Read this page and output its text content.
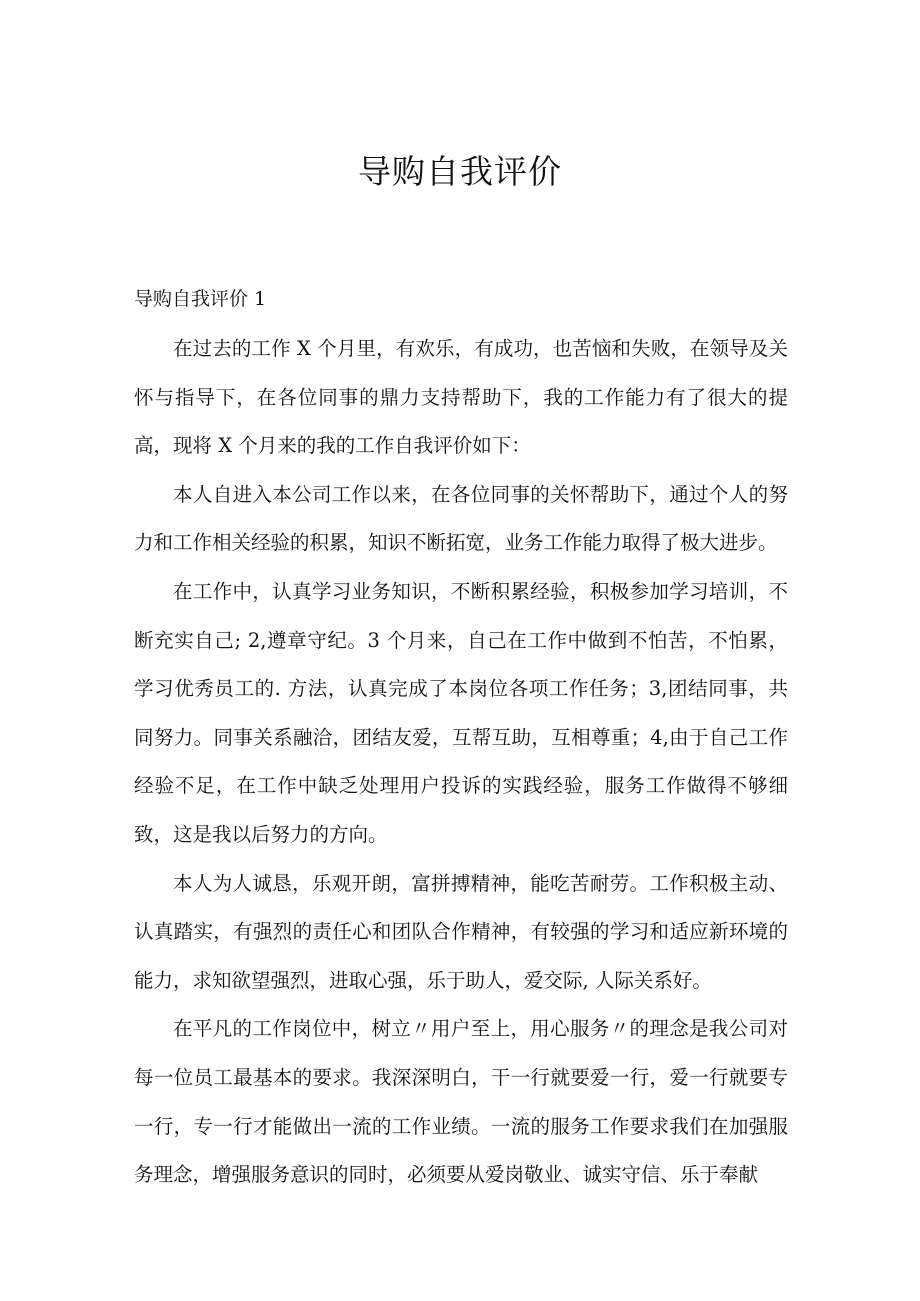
导购自我评价
导购自我评价 1

在过去的工作 X 个月里，有欢乐，有成功，也苦恼和失败，在领导及关怀与指导下，在各位同事的鼎力支持帮助下，我的工作能力有了很大的提高，现将 X 个月来的我的工作自我评价如下：

本人自进入本公司工作以来，在各位同事的关怀帮助下，通过个人的努力和工作相关经验的积累，知识不断拓宽，业务工作能力取得了极大进步。

在工作中，认真学习业务知识，不断积累经验，积极参加学习培训，不断充实自己; 2,遵章守纪。3 个月来，自己在工作中做到不怕苦，不怕累，学习优秀员工的. 方法，认真完成了本岗位各项工作任务；3,团结同事，共同努力。同事关系融洽，团结友爱，互帮互助，互相尊重；4,由于自己工作经验不足，在工作中缺乏处理用户投诉的实践经验，服务工作做得不够细致，这是我以后努力的方向。

本人为人诚恳，乐观开朗，富拼搏精神，能吃苦耐劳。工作积极主动、认真踏实，有强烈的责任心和团队合作精神，有较强的学习和适应新环境的能力，求知欲望强烈，进取心强，乐于助人，爱交际, 人际关系好。

在平凡的工作岗位中，树立〃用户至上，用心服务〃的理念是我公司对每一位员工最基本的要求。我深深明白，干一行就要爱一行，爱一行就要专一行，专一行才能做出一流的工作业绩。一流的服务工作要求我们在加强服务理念，增强服务意识的同时，必须要从爱岗敬业、诚实守信、乐于奉献
